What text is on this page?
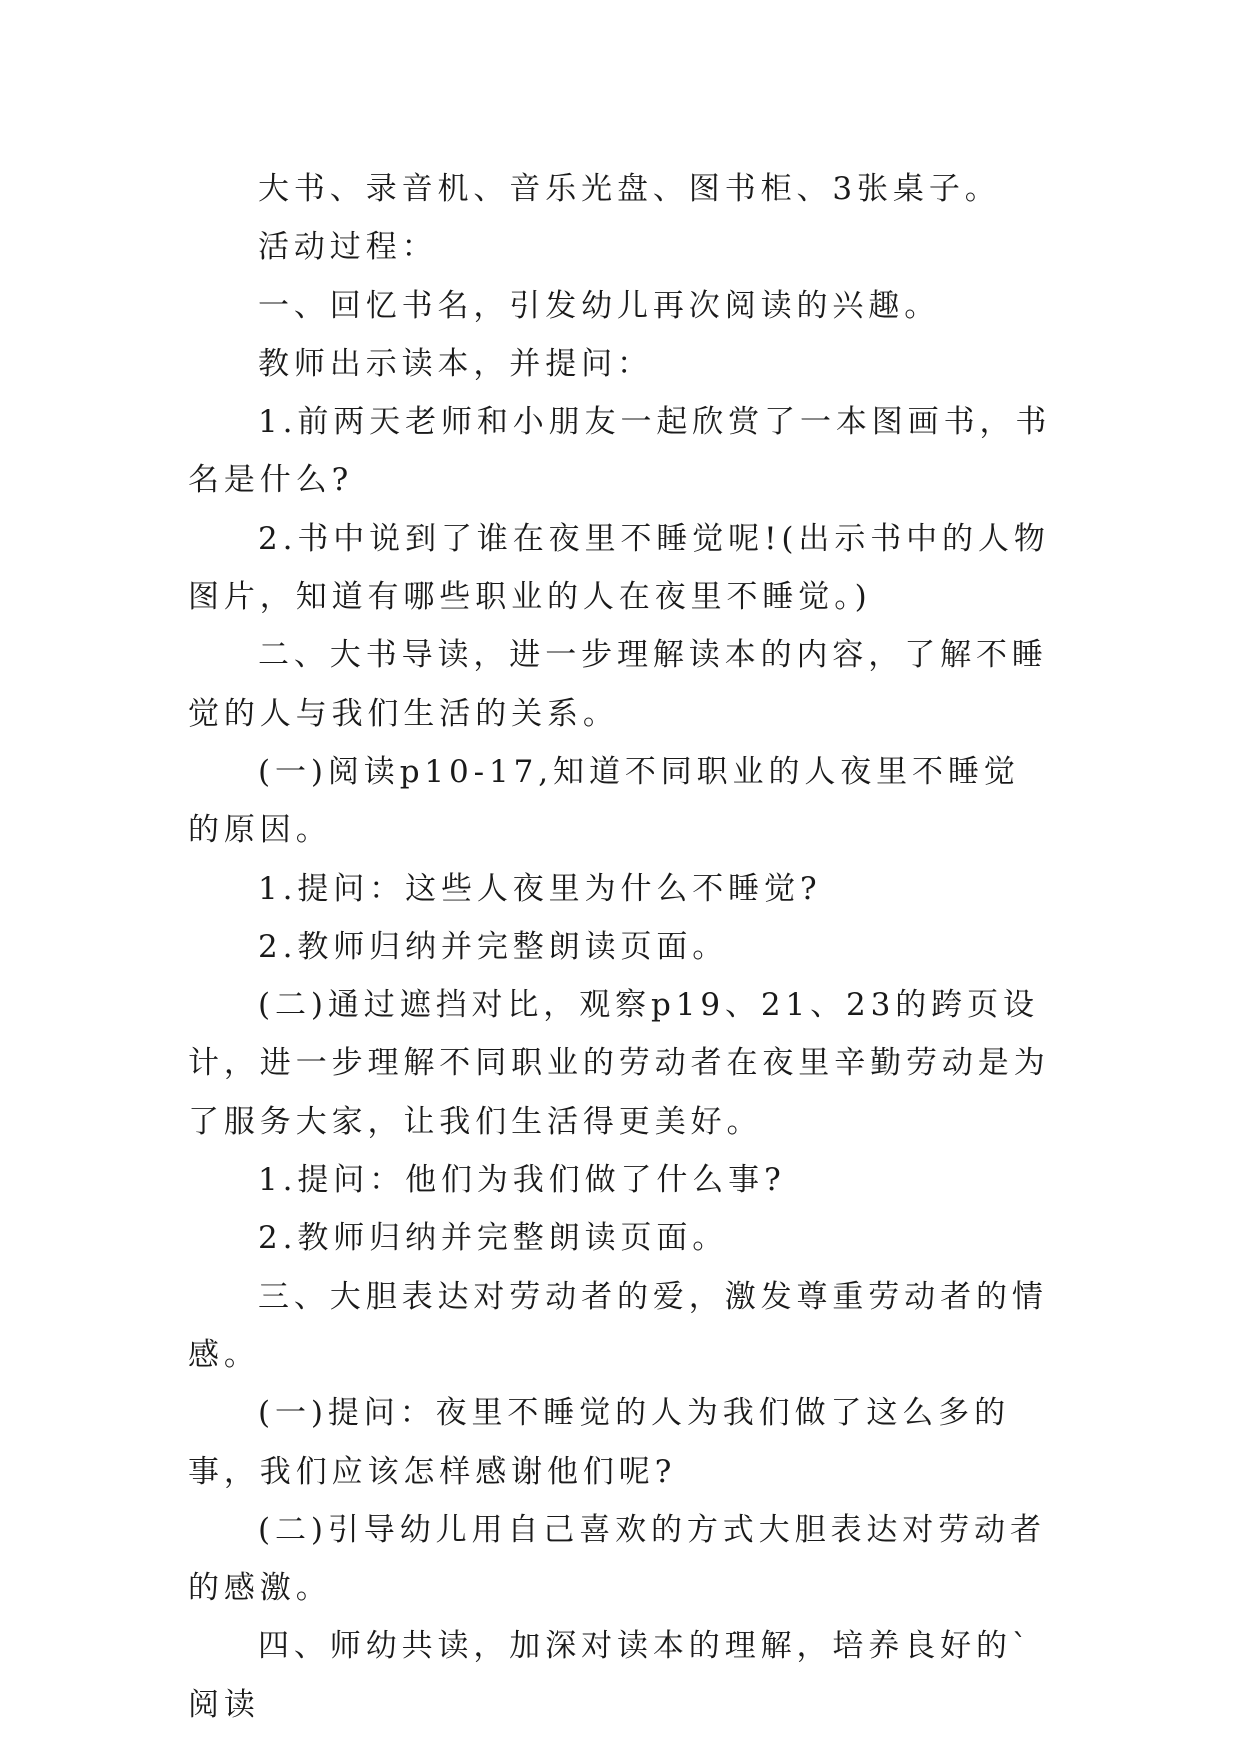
大书、录音机、音乐光盘、图书柜、3张桌子。

活动过程：

一、回忆书名，引发幼儿再次阅读的兴趣。

教师出示读本，并提问：

1.前两天老师和小朋友一起欣赏了一本图画书，书名是什么?

2.书中说到了谁在夜里不睡觉呢!(出示书中的人物图片，知道有哪些职业的人在夜里不睡觉。)

二、大书导读，进一步理解读本的内容，了解不睡觉的人与我们生活的关系。

(一)阅读p10-17,知道不同职业的人夜里不睡觉的原因。

1.提问：这些人夜里为什么不睡觉?

2.教师归纳并完整朗读页面。

(二)通过遮挡对比，观察p19、21、23的跨页设计，进一步理解不同职业的劳动者在夜里辛勤劳动是为了服务大家，让我们生活得更美好。

1.提问：他们为我们做了什么事?

2.教师归纳并完整朗读页面。

三、大胆表达对劳动者的爱，激发尊重劳动者的情感。

(一)提问：夜里不睡觉的人为我们做了这么多的事，我们应该怎样感谢他们呢?

(二)引导幼儿用自己喜欢的方式大胆表达对劳动者的感激。

四、师幼共读，加深对读本的理解，培养良好的`阅读
